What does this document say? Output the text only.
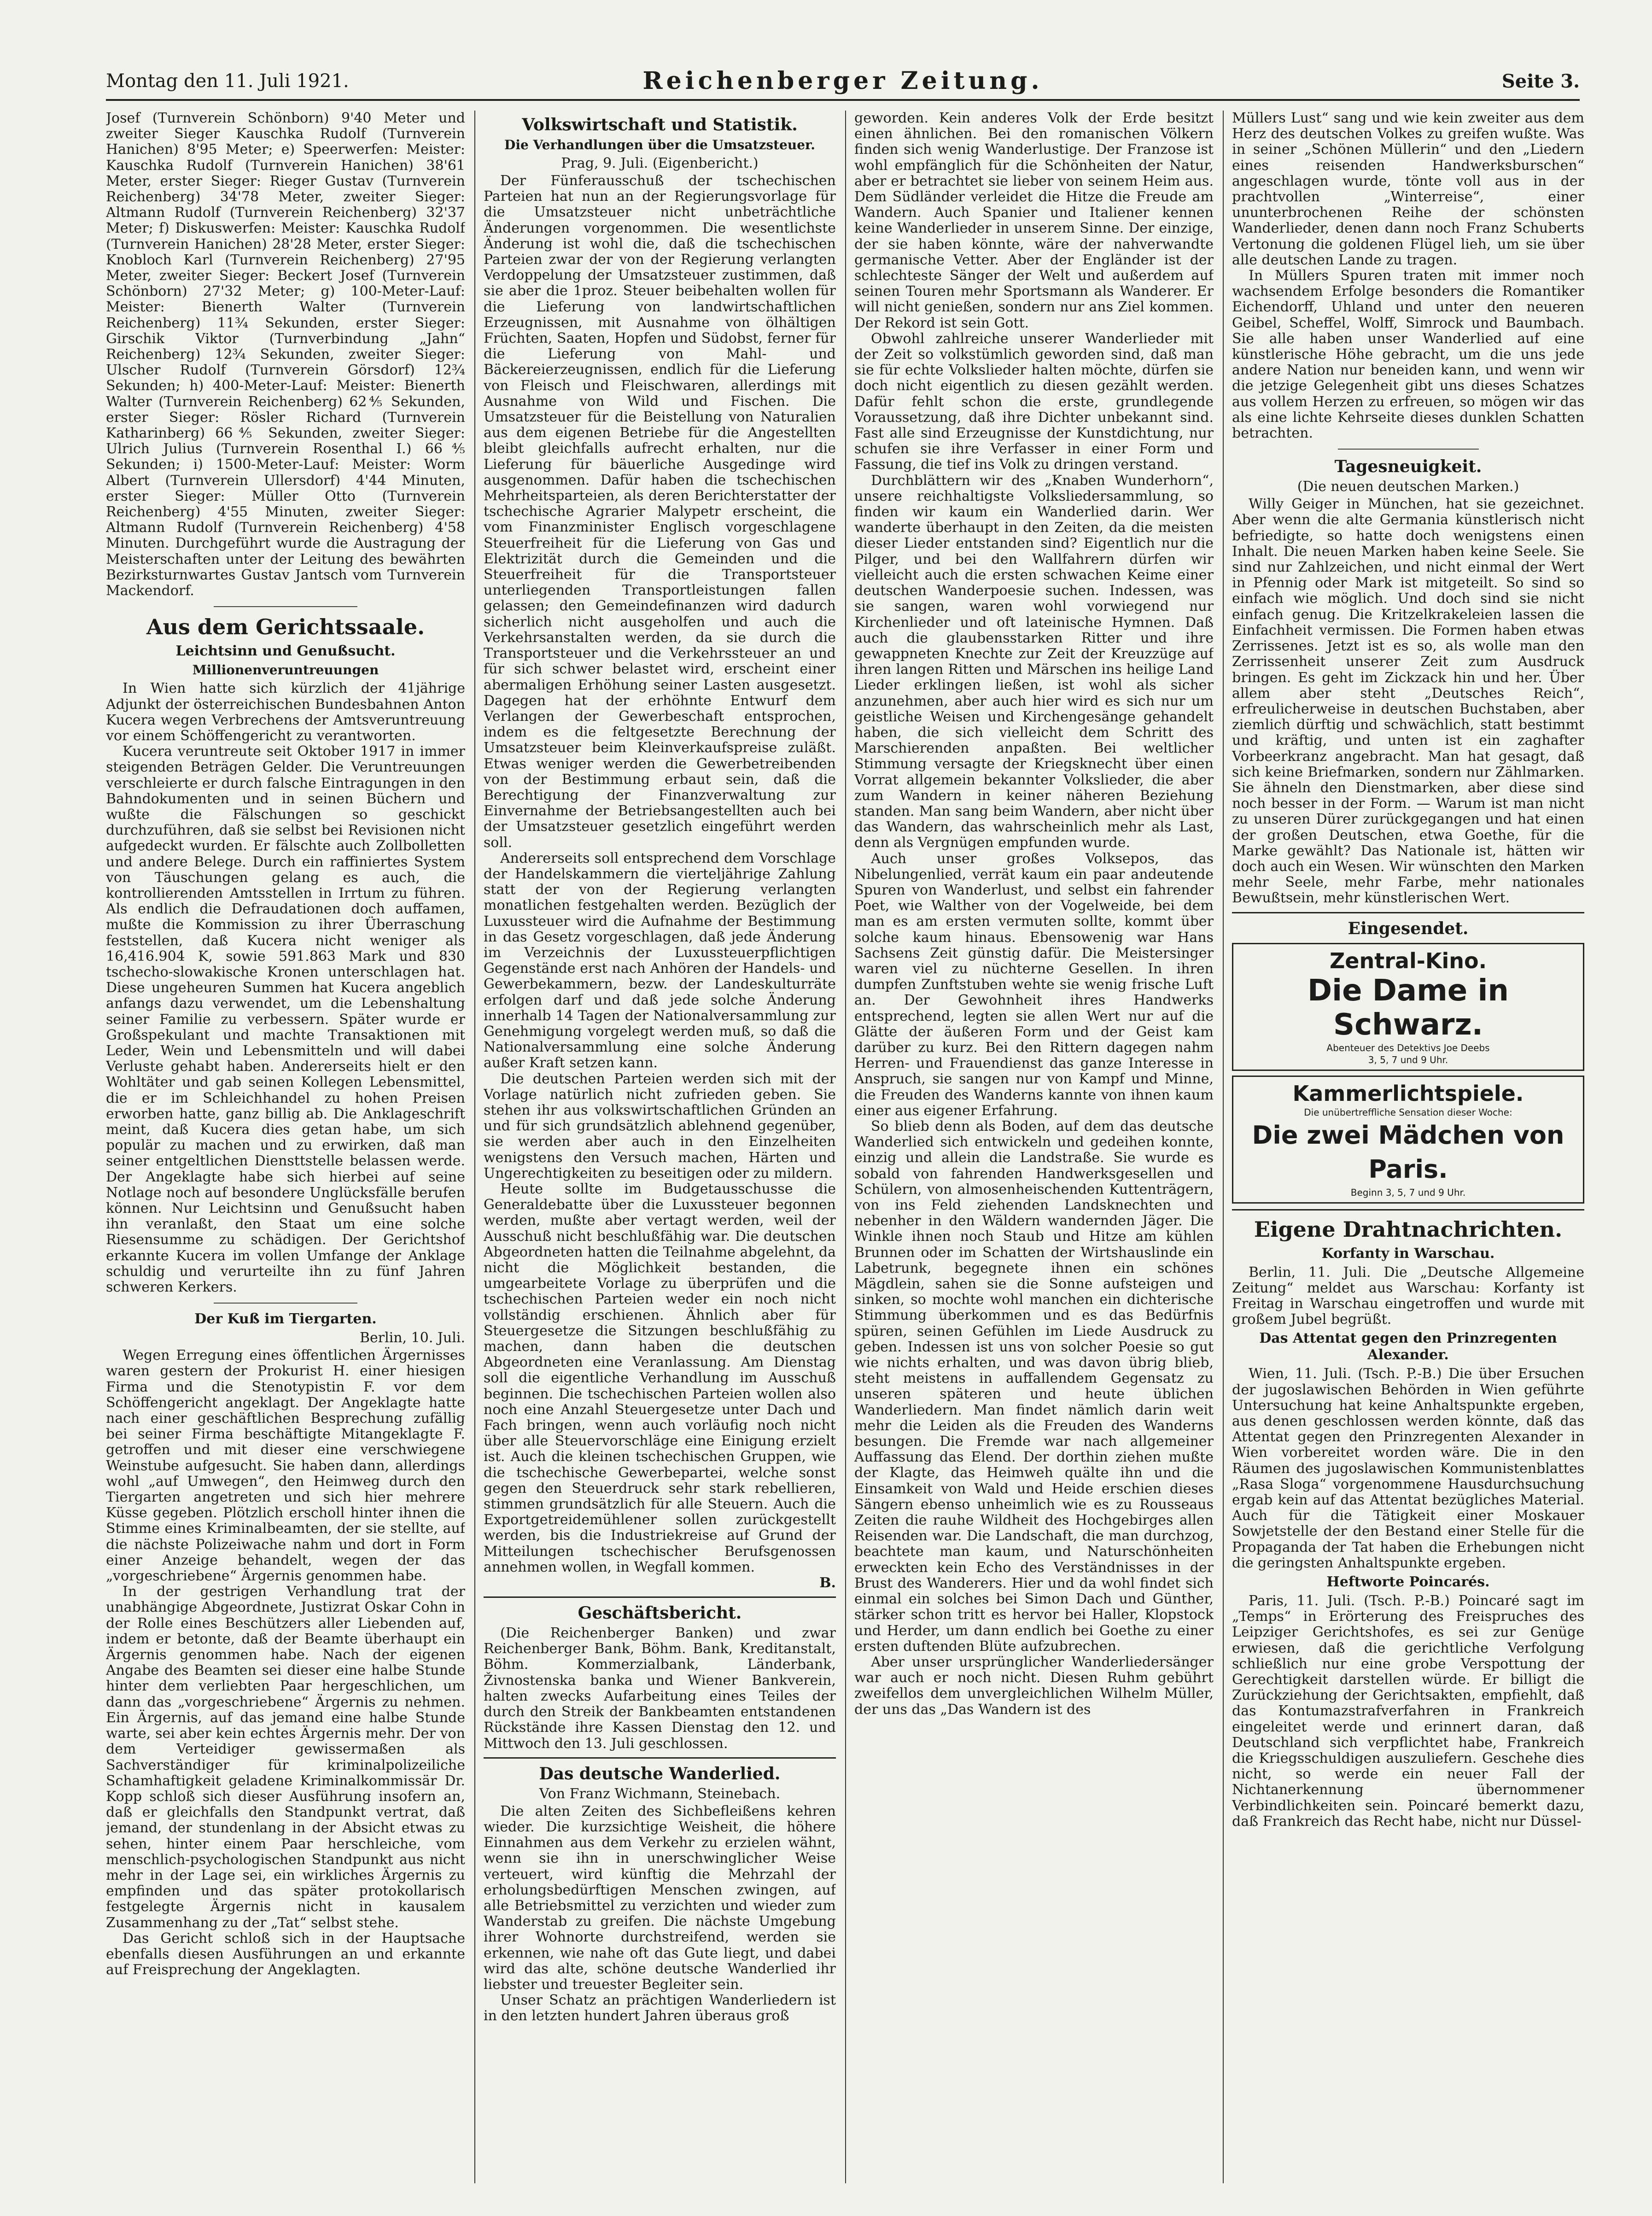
Montag den 11. Juli 1921.	Reichenberger Zeitung.	Seite 3.

Josef (Turnverein Schönborn) 9'40 Meter und zweiter Sieger Kauschka Rudolf (Turnverein Hanichen) 8'95 Meter; e) Speerwerfen: Meister: Kauschka Rudolf (Turnverein Hanichen) 38'61 Meter, erster Sieger: Rieger Gustav (Turnverein Reichenberg) 34'78 Meter, zweiter Sieger: Altmann Rudolf (Turnverein Reichenberg) 32'37 Meter; f) Diskuswerfen: Meister: Kauschka Rudolf (Turnverein Hanichen) 28'28 Meter, erster Sieger: Knobloch Karl (Turnverein Reichenberg) 27'95 Meter, zweiter Sieger: Beckert Josef (Turnverein Schönborn) 27'32 Meter; g) 100-Meter-Lauf: Meister: Bienerth Walter (Turnverein Reichenberg) 11¾ Sekunden, erster Sieger: Girschik Viktor (Turnverbindung „Jahn“ Reichenberg) 12¾ Sekunden, zweiter Sieger: Ulscher Rudolf (Turnverein Görsdorf) 12¾ Sekunden; h) 400-Meter-Lauf: Meister: Bienerth Walter (Turnverein Reichenberg) 62⅘ Sekunden, erster Sieger: Rösler Richard (Turnverein Katharinberg) 66⅘ Sekunden, zweiter Sieger: Ulrich Julius (Turnverein Rosenthal I.) 66⅘ Sekunden; i) 1500-Meter-Lauf: Meister: Worm Albert (Turnverein Ullersdorf) 4'44 Minuten, erster Sieger: Müller Otto (Turnverein Reichenberg) 4'55 Minuten, zweiter Sieger: Altmann Rudolf (Turnverein Reichenberg) 4'58 Minuten. Durchgeführt wurde die Austragung der Meisterschaften unter der Leitung des bewährten Bezirksturnwartes Gustav Jantsch vom Turnverein Mackendorf.

Aus dem Gerichtssaale.
Leichtsinn und Genußsucht.
Millionenveruntreuungen

In Wien hatte sich kürzlich der 41jährige Adjunkt der österreichischen Bundesbahnen Anton Kucera wegen Verbrechens der Amtsveruntreuung vor einem Schöffengericht zu verantworten.

Kucera veruntreute seit Oktober 1917 in immer steigenden Beträgen Gelder. Die Veruntreuungen verschleierte er durch falsche Eintragungen in den Bahndokumenten und in seinen Büchern und wußte die Fälschungen so geschickt durchzuführen, daß sie selbst bei Revisionen nicht aufgedeckt wurden. Er fälschte auch Zollbolletten und andere Belege. Durch ein raffiniertes System von Täuschungen gelang es auch, die kontrollierenden Amtsstellen in Irrtum zu führen. Als endlich die Defraudationen doch auffamen, mußte die Kommission zu ihrer Überraschung feststellen, daß Kucera nicht weniger als 16,416.904 K, sowie 591.863 Mark und 830 tschecho-slowakische Kronen unterschlagen hat. Diese ungeheuren Summen hat Kucera angeblich anfangs dazu verwendet, um die Lebenshaltung seiner Familie zu verbessern. Später wurde er Großspekulant und machte Transaktionen mit Leder, Wein und Lebensmitteln und will dabei Verluste gehabt haben. Andererseits hielt er den Wohltäter und gab seinen Kollegen Lebensmittel, die er im Schleichhandel zu hohen Preisen erworben hatte, ganz billig ab. Die Anklageschrift meint, daß Kucera dies getan habe, um sich populär zu machen und zu erwirken, daß man seiner entgeltlichen Diensttstelle belassen werde. Der Angeklagte habe sich hierbei auf seine Notlage noch auf besondere Unglücksfälle berufen können. Nur Leichtsinn und Genußsucht haben ihn veranlaßt, den Staat um eine solche Riesensumme zu schädigen. Der Gerichtshof erkannte Kucera im vollen Umfange der Anklage schuldig und verurteilte ihn zu fünf Jahren schweren Kerkers.

Der Kuß im Tiergarten.
Berlin, 10. Juli.

Wegen Erregung eines öffentlichen Ärgernisses waren gestern der Prokurist H. einer hiesigen Firma und die Stenotypistin F. vor dem Schöffengericht angeklagt. Der Angeklagte hatte nach einer geschäftlichen Besprechung zufällig bei seiner Firma beschäftigte Mitangeklagte F. getroffen und mit dieser eine verschwiegene Weinstube aufgesucht. Sie haben dann, allerdings wohl „auf Umwegen“, den Heimweg durch den Tiergarten angetreten und sich hier mehrere Küsse gegeben. Plötzlich erscholl hinter ihnen die Stimme eines Kriminalbeamten, der sie stellte, auf die nächste Polizeiwache nahm und dort in Form einer Anzeige behandelt, wegen der das „vorgeschriebene“ Ärgernis genommen habe.

In der gestrigen Verhandlung trat der unabhängige Abgeordnete, Justizrat Oskar Cohn in der Rolle eines Beschützers aller Liebenden auf, indem er betonte, daß der Beamte überhaupt ein Ärgernis genommen habe. Nach der eigenen Angabe des Beamten sei dieser eine halbe Stunde hinter dem verliebten Paar hergeschlichen, um dann das „vorgeschriebene“ Ärgernis zu nehmen. Ein Ärgernis, auf das jemand eine halbe Stunde warte, sei aber kein echtes Ärgernis mehr. Der von dem Verteidiger gewissermaßen als Sachverständiger für kriminalpolizeiliche Schamhaftigkeit geladene Kriminalkommissär Dr. Kopp schloß sich dieser Ausführung insofern an, daß er gleichfalls den Standpunkt vertrat, daß jemand, der stundenlang in der Absicht etwas zu sehen, hinter einem Paar herschleiche, vom menschlich-psychologischen Standpunkt aus nicht mehr in der Lage sei, ein wirkliches Ärgernis zu empfinden und das später protokollarisch festgelegte Ärgernis nicht in kausalem Zusammenhang zu der „Tat“ selbst stehe.

Das Gericht schloß sich in der Hauptsache ebenfalls diesen Ausführungen an und erkannte auf Freisprechung der Angeklagten.

Volkswirtschaft und Statistik.
Die Verhandlungen über die Umsatzsteuer.
Prag, 9. Juli. (Eigenbericht.)

Der Fünferausschuß der tschechischen Parteien hat nun an der Regierungsvorlage für die Umsatzsteuer nicht unbeträchtliche Änderungen vorgenommen. Die wesentlichste Änderung ist wohl die, daß die tschechischen Parteien zwar der von der Regierung verlangten Verdoppelung der Umsatzsteuer zustimmen, daß sie aber die 1proz. Steuer beibehalten wollen für die Lieferung von landwirtschaftlichen Erzeugnissen, mit Ausnahme von ölhältigen Früchten, Saaten, Hopfen und Südobst, ferner für die Lieferung von Mahl- und Bäckereierzeugnissen, endlich für die Lieferung von Fleisch und Fleischwaren, allerdings mit Ausnahme von Wild und Fischen. Die Umsatzsteuer für die Beistellung von Naturalien aus dem eigenen Betriebe für die Angestellten bleibt gleichfalls aufrecht erhalten, nur die Lieferung für bäuerliche Ausgedinge wird ausgenommen. Dafür haben die tschechischen Mehrheitsparteien, als deren Berichterstatter der tschechische Agrarier Malypetr erscheint, die vom Finanzminister Englisch vorgeschlagene Steuerfreiheit für die Lieferung von Gas und Elektrizität durch die Gemeinden und die Steuerfreiheit für die Transportsteuer unterliegenden Transportleistungen fallen gelassen; den Gemeindefinanzen wird dadurch sicherlich nicht ausgeholfen und auch die Verkehrsanstalten werden, da sie durch die Transportsteuer und die Verkehrssteuer an und für sich schwer belastet wird, erscheint einer abermaligen Erhöhung seiner Lasten ausgesetzt. Dagegen hat der erhöhnte Entwurf dem Verlangen der Gewerbeschaft entsprochen, indem es die feltgesetzte Berechnung der Umsatzsteuer beim Kleinverkaufspreise zuläßt. Etwas weniger werden die Gewerbetreibenden von der Bestimmung erbaut sein, daß die Berechtigung der Finanzverwaltung zur Einvernahme der Betriebsangestellten auch bei der Umsatzsteuer gesetzlich eingeführt werden soll.

Andererseits soll entsprechend dem Vorschlage der Handelskammern die vierteljährige Zahlung statt der von der Regierung verlangten monatlichen festgehalten werden. Bezüglich der Luxussteuer wird die Aufnahme der Bestimmung in das Gesetz vorgeschlagen, daß jede Änderung im Verzeichnis der Luxussteuerpflichtigen Gegenstände erst nach Anhören der Handels- und Gewerbekammern, bezw. der Landeskulturräte erfolgen darf und daß jede solche Änderung innerhalb 14 Tagen der Nationalversammlung zur Genehmigung vorgelegt werden muß, so daß die Nationalversammlung eine solche Änderung außer Kraft setzen kann.

Die deutschen Parteien werden sich mit der Vorlage natürlich nicht zufrieden geben. Sie stehen ihr aus volkswirtschaftlichen Gründen an und für sich grundsätzlich ablehnend gegenüber, sie werden aber auch in den Einzelheiten wenigstens den Versuch machen, Härten und Ungerechtigkeiten zu beseitigen oder zu mildern.

Heute sollte im Budgetausschusse die Generaldebatte über die Luxussteuer begonnen werden, mußte aber vertagt werden, weil der Ausschuß nicht beschlußfähig war. Die deutschen Abgeordneten hatten die Teilnahme abgelehnt, da nicht die Möglichkeit bestanden, die umgearbeitete Vorlage zu überprüfen und die tschechischen Parteien weder ein noch nicht vollständig erschienen. Ähnlich aber für Steuergesetze die Sitzungen beschlußfähig zu machen, dann haben die deutschen Abgeordneten eine Veranlassung. Am Dienstag soll die eigentliche Verhandlung im Ausschuß beginnen. Die tschechischen Parteien wollen also noch eine Anzahl Steuergesetze unter Dach und Fach bringen, wenn auch vorläufig noch nicht über alle Steuervorschläge eine Einigung erzielt ist. Auch die kleinen tschechischen Gruppen, wie die tschechische Gewerbepartei, welche sonst gegen den Steuerdruck sehr stark rebellieren, stimmen grundsätzlich für alle Steuern. Auch die Exportgetreidemühlener sollen zurückgestellt werden, bis die Industriekreise auf Grund der Mitteilungen tschechischer Berufsgenossen annehmen wollen, in Wegfall kommen.

B.
Geschäftsbericht.

(Die Reichenberger Banken) und zwar Reichenberger Bank, Böhm. Bank, Kreditanstalt, Böhm. Kommerzialbank, Länderbank, Živnostenska banka und Wiener Bankverein, halten zwecks Aufarbeitung eines Teiles der durch den Streik der Bankbeamten entstandenen Rückstände ihre Kassen Dienstag den 12. und Mittwoch den 13. Juli geschlossen.

Das deutsche Wanderlied.
Von Franz Wichmann, Steinebach.

Die alten Zeiten des Sichbefleißens kehren wieder. Die kurzsichtige Weisheit, die höhere Einnahmen aus dem Verkehr zu erzielen wähnt, wenn sie ihn in unerschwinglicher Weise verteuert, wird künftig die Mehrzahl der erholungsbedürftigen Menschen zwingen, auf alle Betriebsmittel zu verzichten und wieder zum Wanderstab zu greifen. Die nächste Umgebung ihrer Wohnorte durchstreifend, werden sie erkennen, wie nahe oft das Gute liegt, und dabei wird das alte, schöne deutsche Wanderlied ihr liebster und treuester Begleiter sein.

Unser Schatz an prächtigen Wanderliedern ist in den letzten hundert Jahren überaus groß

geworden. Kein anderes Volk der Erde besitzt einen ähnlichen. Bei den romanischen Völkern finden sich wenig Wanderlustige. Der Franzose ist wohl empfänglich für die Schönheiten der Natur, aber er betrachtet sie lieber von seinem Heim aus. Dem Südländer verleidet die Hitze die Freude am Wandern. Auch Spanier und Italiener kennen keine Wanderlieder in unserem Sinne. Der einzige, der sie haben könnte, wäre der nahverwandte germanische Vetter. Aber der Engländer ist der schlechteste Sänger der Welt und außerdem auf seinen Touren mehr Sportsmann als Wanderer. Er will nicht genießen, sondern nur ans Ziel kommen. Der Rekord ist sein Gott.

Obwohl zahlreiche unserer Wanderlieder mit der Zeit so volkstümlich geworden sind, daß man sie für echte Volkslieder halten möchte, dürfen sie doch nicht eigentlich zu diesen gezählt werden. Dafür fehlt schon die erste, grundlegende Voraussetzung, daß ihre Dichter unbekannt sind. Fast alle sind Erzeugnisse der Kunstdichtung, nur schufen sie ihre Verfasser in einer Form und Fassung, die tief ins Volk zu dringen verstand.

Durchblättern wir des „Knaben Wunderhorn“, unsere reichhaltigste Volksliedersammlung, so finden wir kaum ein Wanderlied darin. Wer wanderte überhaupt in den Zeiten, da die meisten dieser Lieder entstanden sind? Eigentlich nur die Pilger, und bei den Wallfahrern dürfen wir vielleicht auch die ersten schwachen Keime einer deutschen Wanderpoesie suchen. Indessen, was sie sangen, waren wohl vorwiegend nur Kirchenlieder und oft lateinische Hymnen. Daß auch die glaubensstarken Ritter und ihre gewappneten Knechte zur Zeit der Kreuzzüge auf ihren langen Ritten und Märschen ins heilige Land Lieder erklingen ließen, ist wohl als sicher anzunehmen, aber auch hier wird es sich nur um geistliche Weisen und Kirchengesänge gehandelt haben, die sich vielleicht dem Schritt des Marschierenden anpaßten. Bei weltlicher Stimmung versagte der Kriegsknecht über einen Vorrat allgemein bekannter Volkslieder, die aber zum Wandern in keiner näheren Beziehung standen. Man sang beim Wandern, aber nicht über das Wandern, das wahrscheinlich mehr als Last, denn als Vergnügen empfunden wurde.

Auch unser großes Volksepos, das Nibelungenlied, verrät kaum ein paar andeutende Spuren von Wanderlust, und selbst ein fahrender Poet, wie Walther von der Vogelweide, bei dem man es am ersten vermuten sollte, kommt über solche kaum hinaus. Ebensowenig war Hans Sachsens Zeit günstig dafür. Die Meistersinger waren viel zu nüchterne Gesellen. In ihren dumpfen Zunftstuben wehte sie wenig frische Luft an. Der Gewohnheit ihres Handwerks entsprechend, legten sie allen Wert nur auf die Glätte der äußeren Form und der Geist kam darüber zu kurz. Bei den Rittern dagegen nahm Herren- und Frauendienst das ganze Interesse in Anspruch, sie sangen nur von Kampf und Minne, die Freuden des Wanderns kannte von ihnen kaum einer aus eigener Erfahrung.

So blieb denn als Boden, auf dem das deutsche Wanderlied sich entwickeln und gedeihen konnte, einzig und allein die Landstraße. Sie wurde es sobald von fahrenden Handwerksgesellen und Schülern, von almosenheischenden Kuttenträgern, von ins Feld ziehenden Landsknechten und nebenher in den Wäldern wandernden Jäger. Die Winkle ihnen noch Staub und Hitze am kühlen Brunnen oder im Schatten der Wirtshauslinde ein Labetrunk, begegnete ihnen ein schönes Mägdlein, sahen sie die Sonne aufsteigen und sinken, so mochte wohl manchen ein dichterische Stimmung überkommen und es das Bedürfnis spüren, seinen Gefühlen im Liede Ausdruck zu geben. Indessen ist uns von solcher Poesie so gut wie nichts erhalten, und was davon übrig blieb, steht meistens in auffallendem Gegensatz zu unseren späteren und heute üblichen Wanderliedern. Man findet nämlich darin weit mehr die Leiden als die Freuden des Wanderns besungen. Die Fremde war nach allgemeiner Auffassung das Elend. Der dorthin ziehen mußte der Klagte, das Heimweh quälte ihn und die Einsamkeit von Wald und Heide erschien dieses Sängern ebenso unheimlich wie es zu Rousseaus Zeiten die rauhe Wildheit des Hochgebirges allen Reisenden war. Die Landschaft, die man durchzog, beachtete man kaum, und Naturschönheiten erweckten kein Echo des Verständnisses in der Brust des Wanderers. Hier und da wohl findet sich einmal ein solches bei Simon Dach und Günther, stärker schon tritt es hervor bei Haller, Klopstock und Herder, um dann endlich bei Goethe zu einer ersten duftenden Blüte aufzubrechen.

Aber unser ursprünglicher Wanderliedersänger war auch er noch nicht. Diesen Ruhm gebührt zweifellos dem unvergleichlichen Wilhelm Müller, der uns das „Das Wandern ist des

Müllers Lust“ sang und wie kein zweiter aus dem Herz des deutschen Volkes zu greifen wußte. Was in seiner „Schönen Müllerin“ und den „Liedern eines reisenden Handwerksburschen“ angeschlagen wurde, tönte voll aus in der prachtvollen „Winterreise“, einer ununterbrochenen Reihe der schönsten Wanderlieder, denen dann noch Franz Schuberts Vertonung die goldenen Flügel lieh, um sie über alle deutschen Lande zu tragen.

In Müllers Spuren traten mit immer noch wachsendem Erfolge besonders die Romantiker Eichendorff, Uhland und unter den neueren Geibel, Scheffel, Wolff, Simrock und Baumbach. Sie alle haben unser Wanderlied auf eine künstlerische Höhe gebracht, um die uns jede andere Nation nur beneiden kann, und wenn wir die jetzige Gelegenheit gibt uns dieses Schatzes aus vollem Herzen zu erfreuen, so mögen wir das als eine lichte Kehrseite dieses dunklen Schatten betrachten.

Tagesneuigkeit.
(Die neuen deutschen Marken.)

Willy Geiger in München, hat sie gezeichnet. Aber wenn die alte Germania künstlerisch nicht befriedigte, so hatte doch wenigstens einen Inhalt. Die neuen Marken haben keine Seele. Sie sind nur Zahlzeichen, und nicht einmal der Wert in Pfennig oder Mark ist mitgeteilt. So sind so einfach wie möglich. Und doch sind sie nicht einfach genug. Die Kritzelkrakeleien lassen die Einfachheit vermissen. Die Formen haben etwas Zerrissenes. Jetzt ist es so, als wolle man den Zerrissenheit unserer Zeit zum Ausdruck bringen. Es geht im Zickzack hin und her. Über allem aber steht „Deutsches Reich“, erfreulicherweise in deutschen Buchstaben, aber ziemlich dürftig und schwächlich, statt bestimmt und kräftig, und unten ist ein zaghafter Vorbeerkranz angebracht. Man hat gesagt, daß sich keine Briefmarken, sondern nur Zählmarken. Sie ähneln den Dienstmarken, aber diese sind noch besser in der Form. — Warum ist man nicht zu unseren Dürer zurückgegangen und hat einen der großen Deutschen, etwa Goethe, für die Marke gewählt? Das Nationale ist, hätten wir doch auch ein Wesen. Wir wünschten den Marken mehr Seele, mehr Farbe, mehr nationales Bewußtsein, mehr künstlerischen Wert.

Eingesendet.
Zentral-Kino.
Die Dame in Schwarz.
Abenteuer des Detektivs Joe Deebs
3, 5, 7 und 9 Uhr.
Kammerlichtspiele.
Die unübertreffliche Sensation dieser Woche:
Die zwei Mädchen von Paris.
Beginn 3, 5, 7 und 9 Uhr.
Eigene Drahtnachrichten.
Korfanty in Warschau.

Berlin, 11. Juli. Die „Deutsche Allgemeine Zeitung“ meldet aus Warschau: Korfanty ist Freitag in Warschau eingetroffen und wurde mit großem Jubel begrüßt.

Das Attentat gegen den Prinzregenten Alexander.

Wien, 11. Juli. (Tsch. P.-B.) Die über Ersuchen der jugoslawischen Behörden in Wien geführte Untersuchung hat keine Anhaltspunkte ergeben, aus denen geschlossen werden könnte, daß das Attentat gegen den Prinzregenten Alexander in Wien vorbereitet worden wäre. Die in den Räumen des jugoslawischen Kommunistenblattes „Rasa Sloga“ vorgenommene Hausdurchsuchung ergab kein auf das Attentat bezügliches Material. Auch für die Tätigkeit einer Moskauer Sowjetstelle der den Bestand einer Stelle für die Propaganda der Tat haben die Erhebungen nicht die geringsten Anhaltspunkte ergeben.

Heftworte Poincarés.

Paris, 11. Juli. (Tsch. P.-B.) Poincaré sagt im „Temps“ in Erörterung des Freispruches des Leipziger Gerichtshofes, es sei zur Genüge erwiesen, daß die gerichtliche Verfolgung schließlich nur eine grobe Verspottung der Gerechtigkeit darstellen würde. Er billigt die Zurückziehung der Gerichtsakten, empfiehlt, daß das Kontumazstrafverfahren in Frankreich eingeleitet werde und erinnert daran, daß Deutschland sich verpflichtet habe, Frankreich die Kriegsschuldigen auszuliefern. Geschehe dies nicht, so werde ein neuer Fall der Nichtanerkennung übernommener Verbindlichkeiten sein. Poincaré bemerkt dazu, daß Frankreich das Recht habe, nicht nur Düssel-
